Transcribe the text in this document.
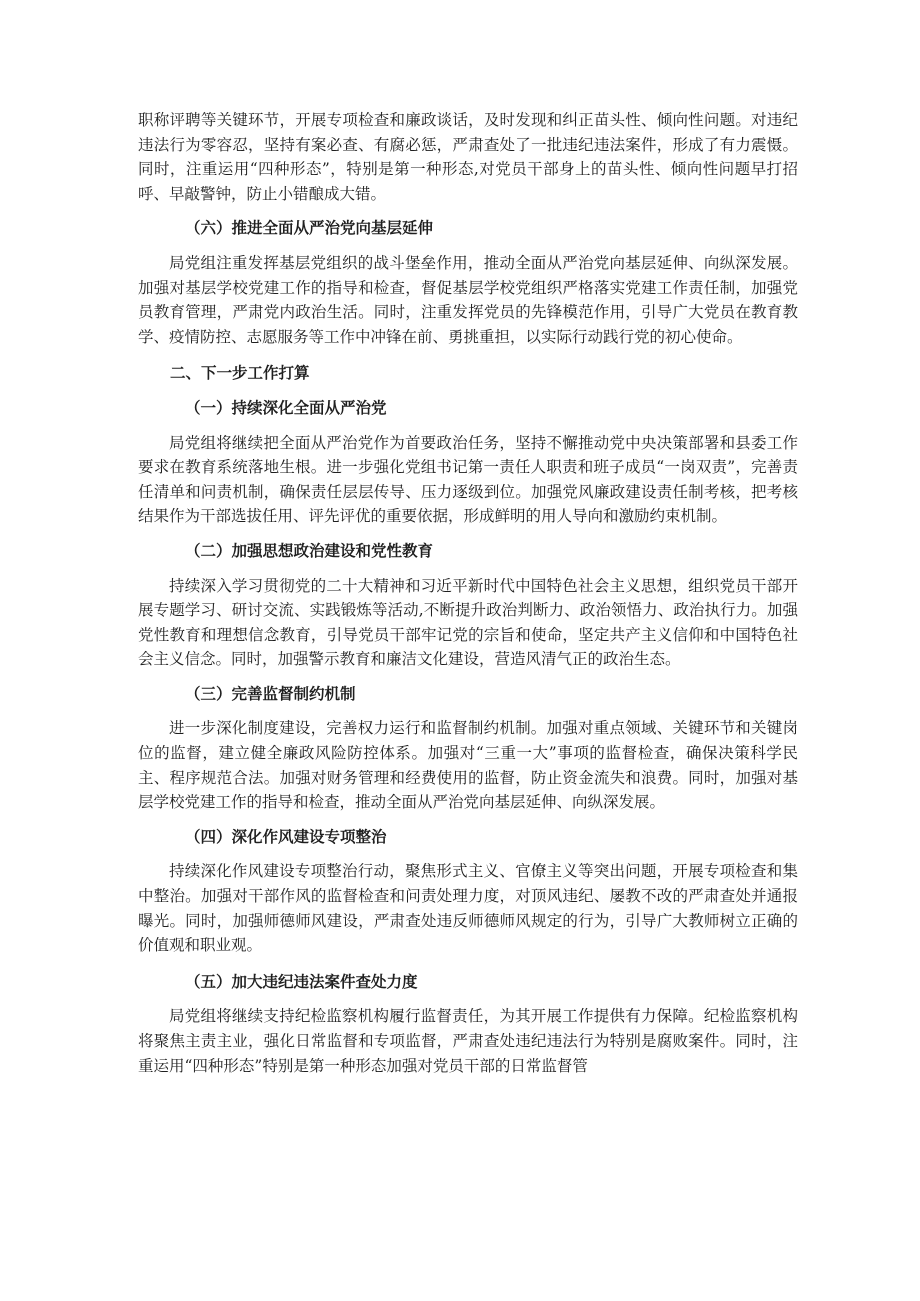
职称评聘等关键环节，开展专项检查和廉政谈话，及时发现和纠正苗头性、倾向性问题。对违纪违法行为零容忍，坚持有案必查、有腐必惩，严肃查处了一批违纪违法案件，形成了有力震慑。同时，注重运用“四种形态”，特别是第一种形态,对党员干部身上的苗头性、倾向性问题早打招呼、早敲警钟，防止小错酿成大错。

（六）推进全面从严治党向基层延伸

局党组注重发挥基层党组织的战斗堡垒作用，推动全面从严治党向基层延伸、向纵深发展。加强对基层学校党建工作的指导和检查，督促基层学校党组织严格落实党建工作责任制，加强党员教育管理，严肃党内政治生活。同时，注重发挥党员的先锋模范作用，引导广大党员在教育教学、疫情防控、志愿服务等工作中冲锋在前、勇挑重担，以实际行动践行党的初心使命。

二、下一步工作打算

（一）持续深化全面从严治党

局党组将继续把全面从严治党作为首要政治任务，坚持不懈推动党中央决策部署和县委工作要求在教育系统落地生根。进一步强化党组书记第一责任人职责和班子成员“一岗双责”，完善责任清单和问责机制，确保责任层层传导、压力逐级到位。加强党风廉政建设责任制考核，把考核结果作为干部选拔任用、评先评优的重要依据，形成鲜明的用人导向和激励约束机制。

（二）加强思想政治建设和党性教育

持续深入学习贯彻党的二十大精神和习近平新时代中国特色社会主义思想，组织党员干部开展专题学习、研讨交流、实践锻炼等活动,不断提升政治判断力、政治领悟力、政治执行力。加强党性教育和理想信念教育，引导党员干部牢记党的宗旨和使命，坚定共产主义信仰和中国特色社会主义信念。同时，加强警示教育和廉洁文化建设，营造风清气正的政治生态。

（三）完善监督制约机制

进一步深化制度建设，完善权力运行和监督制约机制。加强对重点领域、关键环节和关键岗位的监督，建立健全廉政风险防控体系。加强对“三重一大”事项的监督检查，确保决策科学民主、程序规范合法。加强对财务管理和经费使用的监督，防止资金流失和浪费。同时，加强对基层学校党建工作的指导和检查，推动全面从严治党向基层延伸、向纵深发展。

（四）深化作风建设专项整治

持续深化作风建设专项整治行动，聚焦形式主义、官僚主义等突出问题，开展专项检查和集中整治。加强对干部作风的监督检查和问责处理力度，对顶风违纪、屡教不改的严肃查处并通报曝光。同时，加强师德师风建设，严肃查处违反师德师风规定的行为，引导广大教师树立正确的价值观和职业观。

（五）加大违纪违法案件查处力度

局党组将继续支持纪检监察机构履行监督责任，为其开展工作提供有力保障。纪检监察机构将聚焦主责主业，强化日常监督和专项监督，严肃查处违纪违法行为特别是腐败案件。同时，注重运用“四种形态”特别是第一种形态加强对党员干部的日常监督管
